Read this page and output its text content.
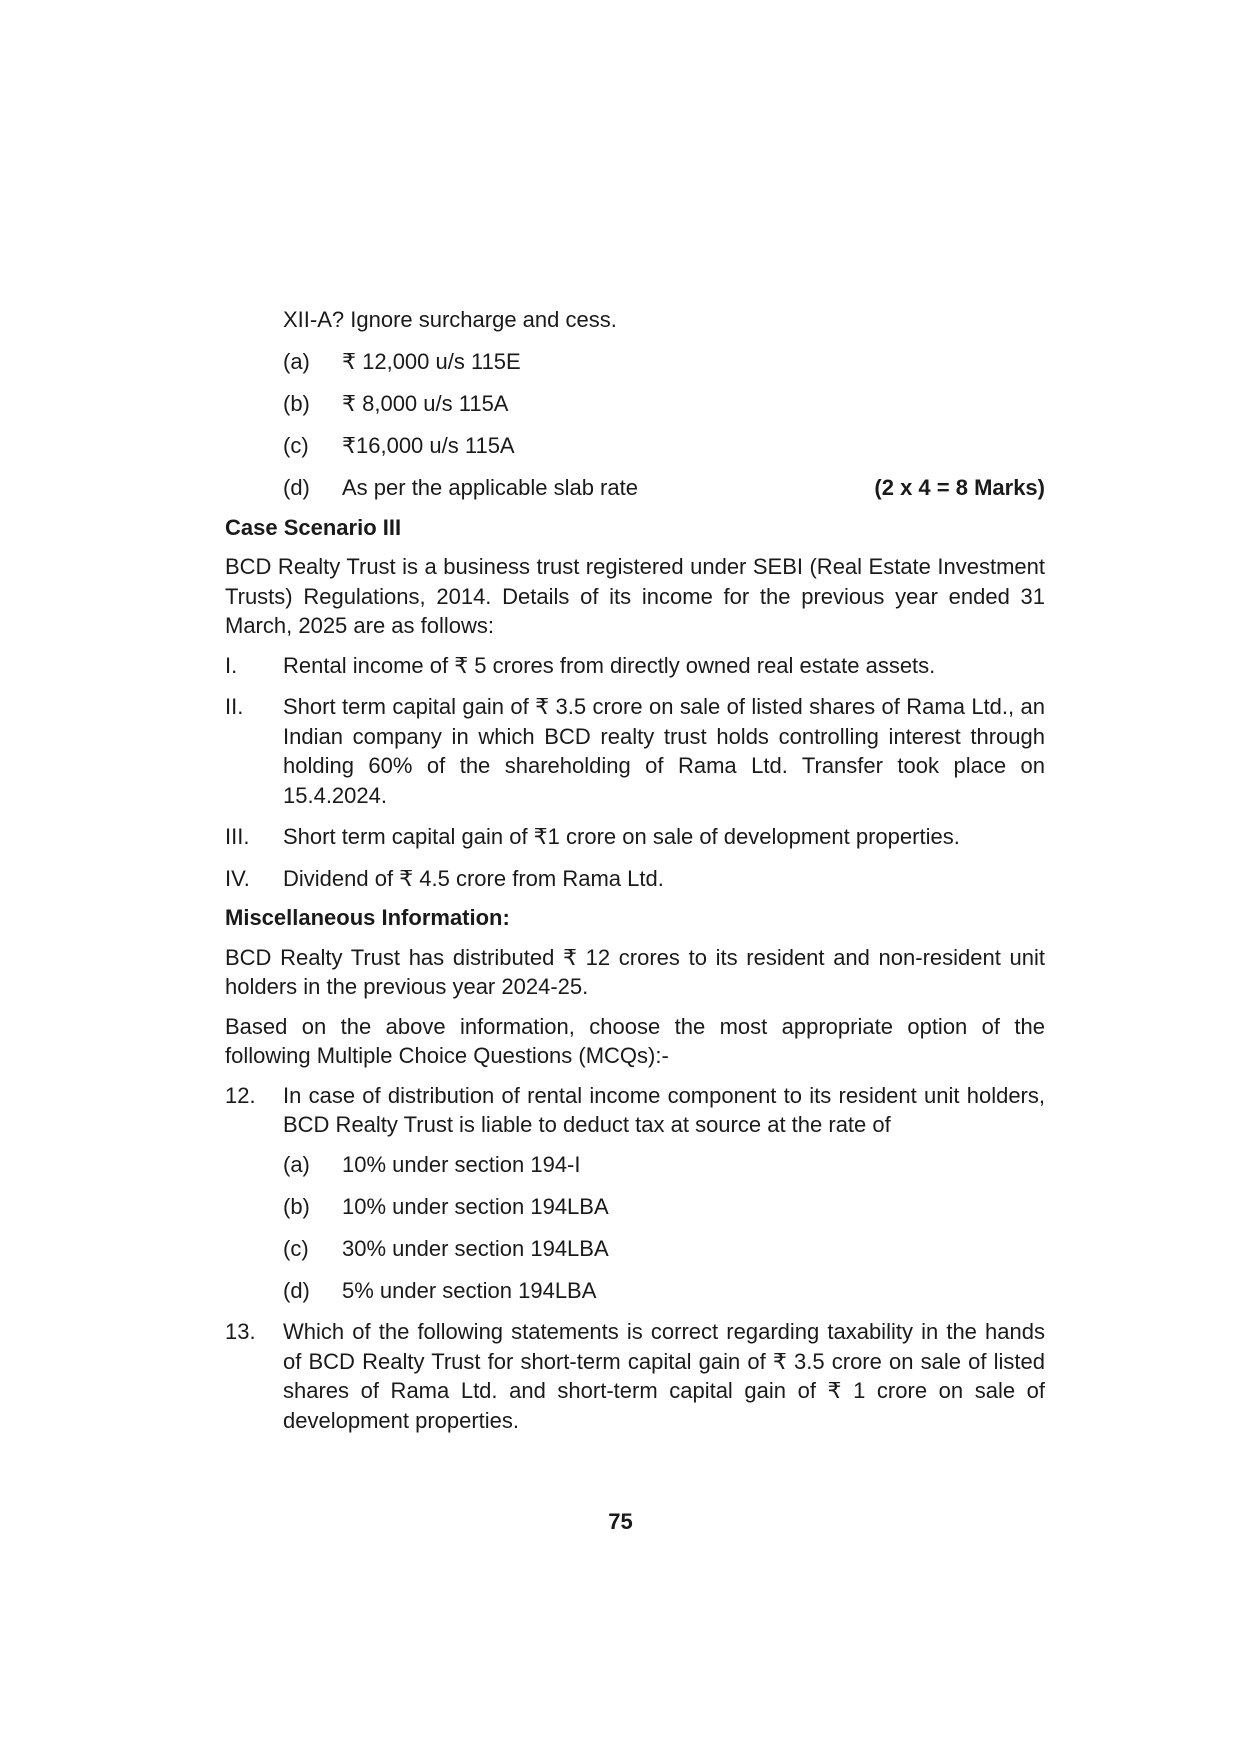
XII-A? Ignore surcharge and cess.
(a)	₹ 12,000 u/s 115E
(b)	₹ 8,000 u/s 115A
(c)	₹16,000 u/s 115A
(d)	As per the applicable slab rate	(2 x 4 = 8 Marks)
Case Scenario III

BCD Realty Trust is a business trust registered under SEBI (Real Estate Investment Trusts) Regulations, 2014. Details of its income for the previous year ended 31 March, 2025 are as follows:

I.	Rental income of ₹ 5 crores from directly owned real estate assets.
II.	Short term capital gain of ₹ 3.5 crore on sale of listed shares of Rama Ltd., an Indian company in which BCD realty trust holds controlling interest through holding 60% of the shareholding of Rama Ltd. Transfer took place on 15.4.2024.
III.	Short term capital gain of ₹1 crore on sale of development properties.
IV.	Dividend of ₹ 4.5 crore from Rama Ltd.
Miscellaneous Information:

BCD Realty Trust has distributed ₹ 12 crores to its resident and non-resident unit holders in the previous year 2024-25.

Based on the above information, choose the most appropriate option of the following Multiple Choice Questions (MCQs):-

12.	In case of distribution of rental income component to its resident unit holders, BCD Realty Trust is liable to deduct tax at source at the rate of
(a)	10% under section 194-I
(b)	10% under section 194LBA
(c)	30% under section 194LBA
(d)	5% under section 194LBA
13.	Which of the following statements is correct regarding taxability in the hands of BCD Realty Trust for short-term capital gain of ₹ 3.5 crore on sale of listed shares of Rama Ltd. and short-term capital gain of ₹ 1 crore on sale of development properties.
75
